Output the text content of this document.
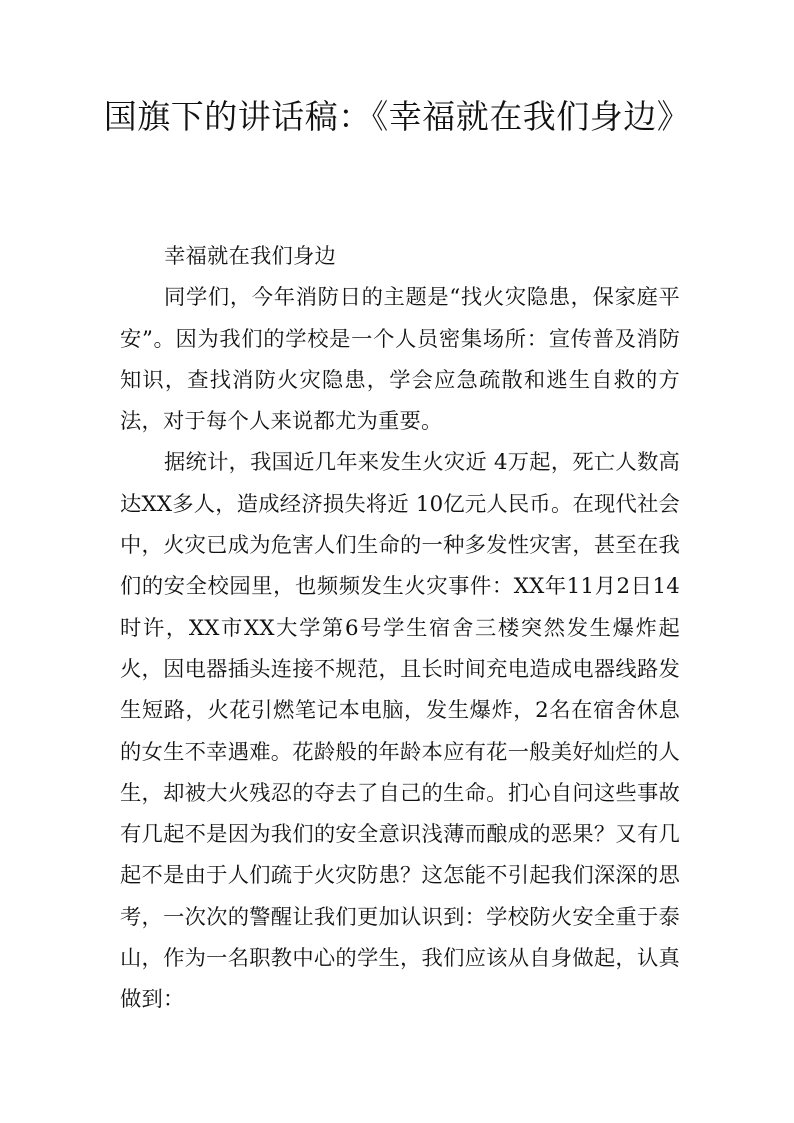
国旗下的讲话稿：《幸福就在我们身边》

幸福就在我们身边

同学们，今年消防日的主题是“找火灾隐患，保家庭平安”。因为我们的学校是一个人员密集场所：宣传普及消防知识，查找消防火灾隐患，学会应急疏散和逃生自救的方法，对于每个人来说都尤为重要。

据统计，我国近几年来发生火灾近 4万起，死亡人数高达XX多人，造成经济损失将近 10亿元人民币。在现代社会中，火灾已成为危害人们生命的一种多发性灾害，甚至在我们的安全校园里，也频频发生火灾事件：XX年11月2日14时许，XX市XX大学第6号学生宿舍三楼突然发生爆炸起火，因电器插头连接不规范，且长时间充电造成电器线路发生短路，火花引燃笔记本电脑，发生爆炸，2名在宿舍休息的女生不幸遇难。花龄般的年龄本应有花一般美好灿烂的人生，却被大火残忍的夺去了自己的生命。扪心自问这些事故有几起不是因为我们的安全意识浅薄而酿成的恶果？又有几起不是由于人们疏于火灾防患？这怎能不引起我们深深的思考，一次次的警醒让我们更加认识到：学校防火安全重于泰山，作为一名职教中心的学生，我们应该从自身做起，认真做到：
